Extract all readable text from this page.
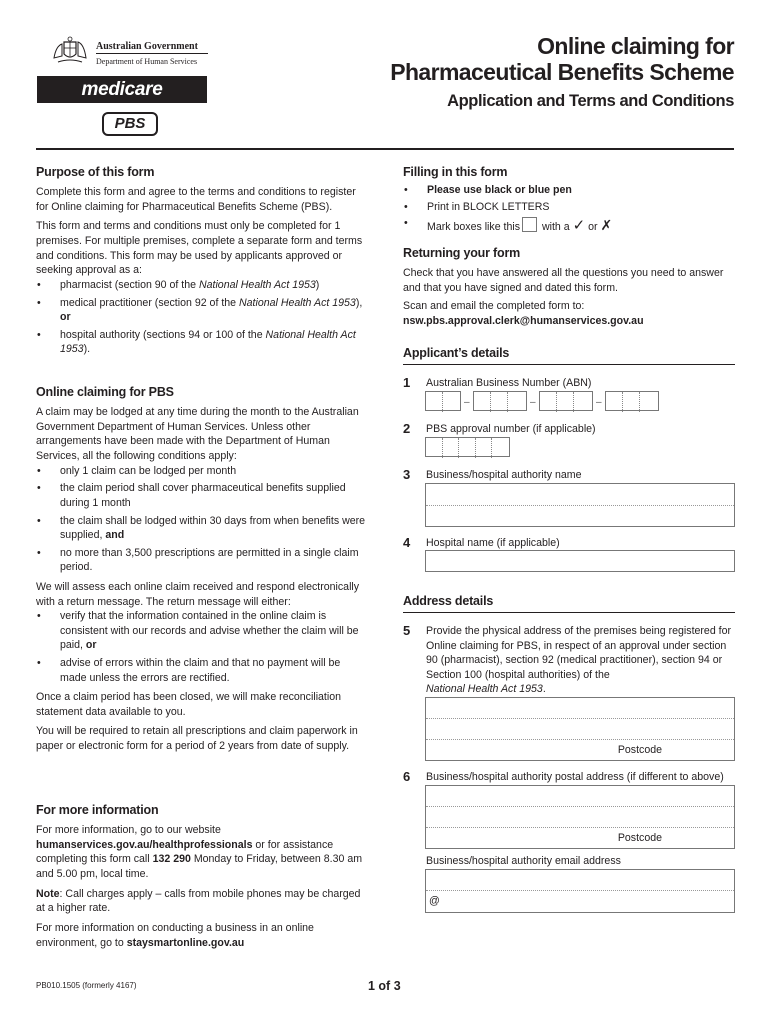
Australian Government
Department of Human Services
medicare
PBS
Online claiming for
Pharmaceutical Benefits Scheme
Application and Terms and Conditions
Purpose of this form

Complete this form and agree to the terms and conditions to register for Online claiming for Pharmaceutical Benefits Scheme (PBS).

This form and terms and conditions must only be completed for 1 premises. For multiple premises, complete a separate form and terms and conditions. This form may be used by applicants approved or seeking approval as a:

• pharmacist (section 90 of the National Health Act 1953)
• medical practitioner (section 92 of the National Health Act 1953), or
• hospital authority (sections 94 or 100 of the National Health Act 1953).
Online claiming for PBS

A claim may be lodged at any time during the month to the Australian Government Department of Human Services. Unless other arrangements have been made with the Department of Human Services, all the following conditions apply:

• only 1 claim can be lodged per month
• the claim period shall cover pharmaceutical benefits supplied during 1 month
• the claim shall be lodged within 30 days from when benefits were supplied, and
• no more than 3,500 prescriptions are permitted in a single claim period.

We will assess each online claim received and respond electronically with a return message. The return message will either:

• verify that the information contained in the online claim is consistent with our records and advise whether the claim will be paid, or
• advise of errors within the claim and that no payment will be made unless the errors are rectified.

Once a claim period has been closed, we will make reconciliation statement data available to you.

You will be required to retain all prescriptions and claim paperwork in paper or electronic form for a period of 2 years from date of supply.

For more information

For more information, go to our website
humanservices.gov.au/healthprofessionals or for assistance completing this form call 132 290 Monday to Friday, between 8.30 am and 5.00 pm, local time.

Note: Call charges apply – calls from mobile phones may be charged at a higher rate.

For more information on conducting a business in an online environment, go to staysmartonline.gov.au

Filling in this form
• Please use black or blue pen
• Print in BLOCK LETTERS
• Mark boxes like this with a ✓ or ✗
Returning your form

Check that you have answered all the questions you need to answer and that you have signed and dated this form.

Scan and email the completed form to:

nsw.pbs.approval.clerk@humanservices.gov.au

Applicant’s details
1 Australian Business Number (ABN)
–	–	–
2 PBS approval number (if applicable)
3 Business/hospital authority name
4 Hospital name (if applicable)
Address details
5 Provide the physical address of the premises being registered for Online claiming for PBS, in respect of an approval under section 90 (pharmacist), section 92 (medical practitioner), section 94 or Section 100 (hospital authorities) of the
National Health Act 1953.
Postcode
6 Business/hospital authority postal address (if different to above)
Postcode
Business/hospital authority email address
@
PB010.1505 (formerly 4167)	1 of 3
